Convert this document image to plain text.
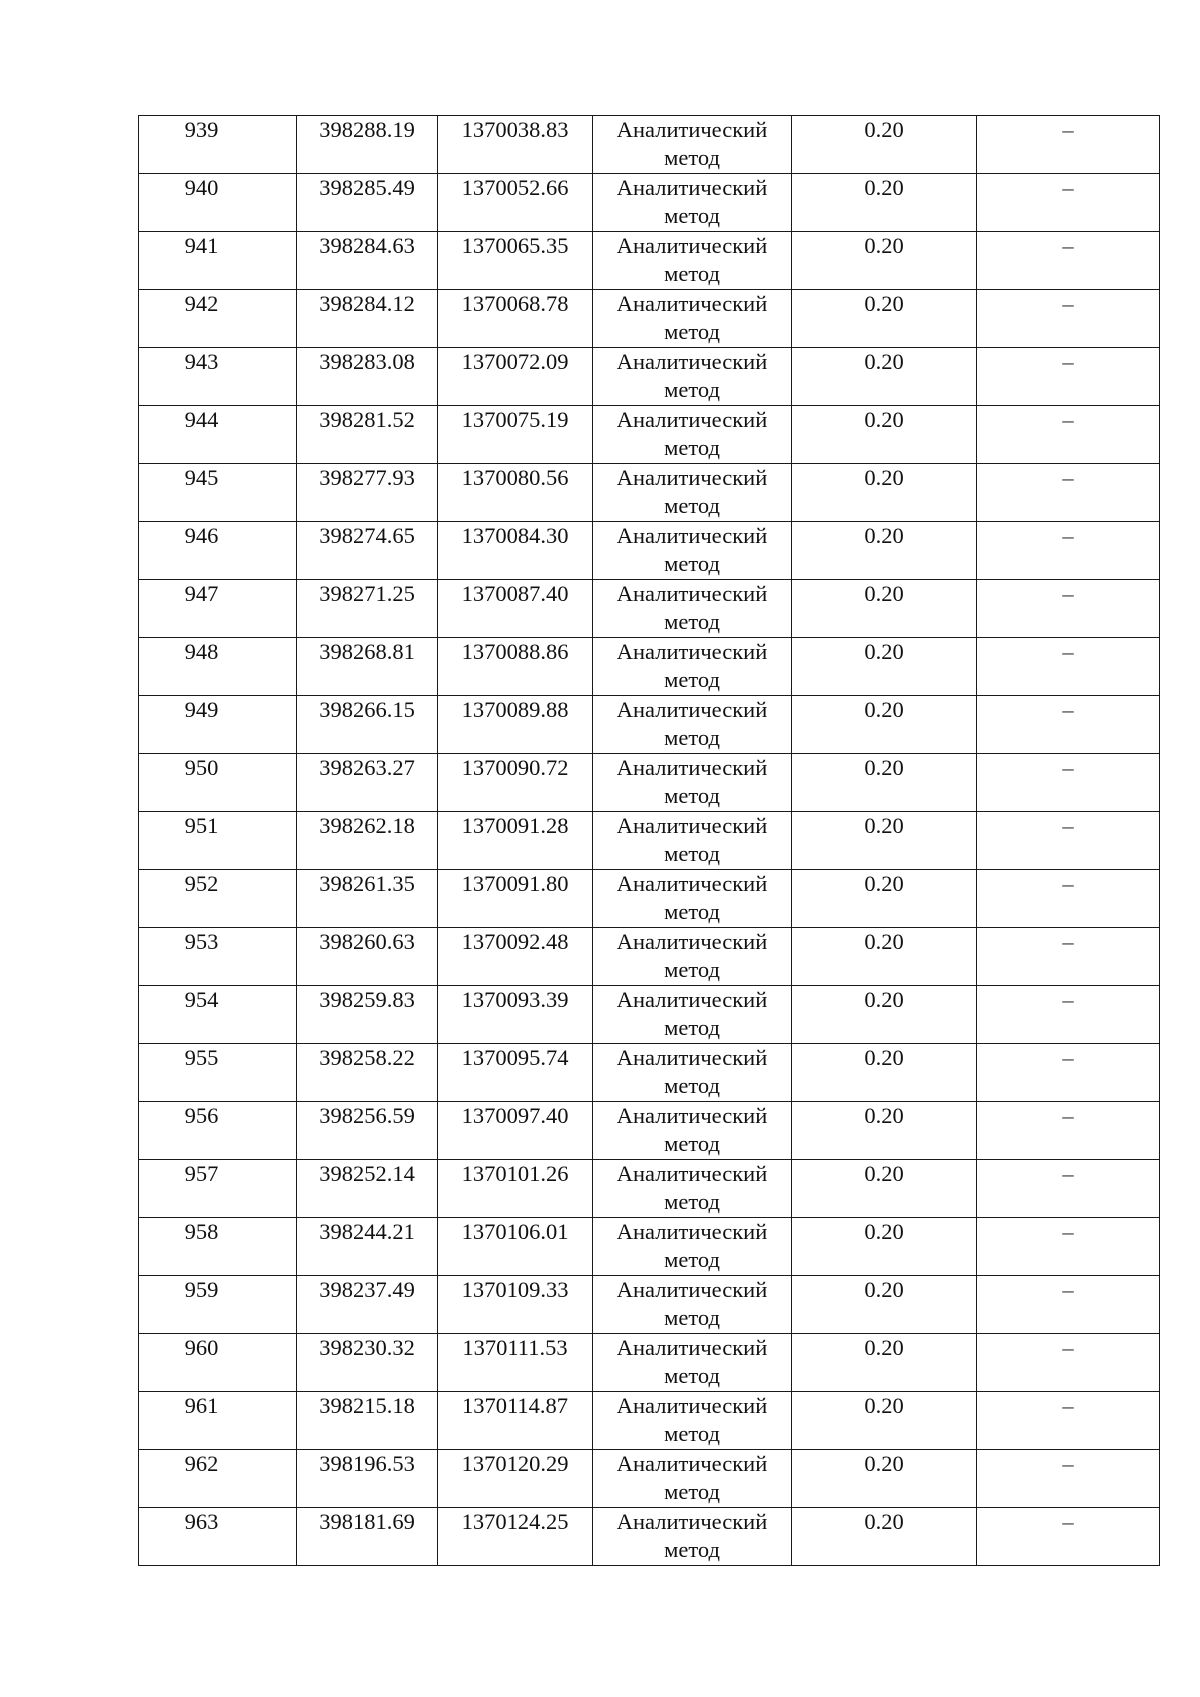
939	398288.19	1370038.83	Аналитический метод	0.20	–
940	398285.49	1370052.66	Аналитический метод	0.20	–
941	398284.63	1370065.35	Аналитический метод	0.20	–
942	398284.12	1370068.78	Аналитический метод	0.20	–
943	398283.08	1370072.09	Аналитический метод	0.20	–
944	398281.52	1370075.19	Аналитический метод	0.20	–
945	398277.93	1370080.56	Аналитический метод	0.20	–
946	398274.65	1370084.30	Аналитический метод	0.20	–
947	398271.25	1370087.40	Аналитический метод	0.20	–
948	398268.81	1370088.86	Аналитический метод	0.20	–
949	398266.15	1370089.88	Аналитический метод	0.20	–
950	398263.27	1370090.72	Аналитический метод	0.20	–
951	398262.18	1370091.28	Аналитический метод	0.20	–
952	398261.35	1370091.80	Аналитический метод	0.20	–
953	398260.63	1370092.48	Аналитический метод	0.20	–
954	398259.83	1370093.39	Аналитический метод	0.20	–
955	398258.22	1370095.74	Аналитический метод	0.20	–
956	398256.59	1370097.40	Аналитический метод	0.20	–
957	398252.14	1370101.26	Аналитический метод	0.20	–
958	398244.21	1370106.01	Аналитический метод	0.20	–
959	398237.49	1370109.33	Аналитический метод	0.20	–
960	398230.32	1370111.53	Аналитический метод	0.20	–
961	398215.18	1370114.87	Аналитический метод	0.20	–
962	398196.53	1370120.29	Аналитический метод	0.20	–
963	398181.69	1370124.25	Аналитический метод	0.20	–
